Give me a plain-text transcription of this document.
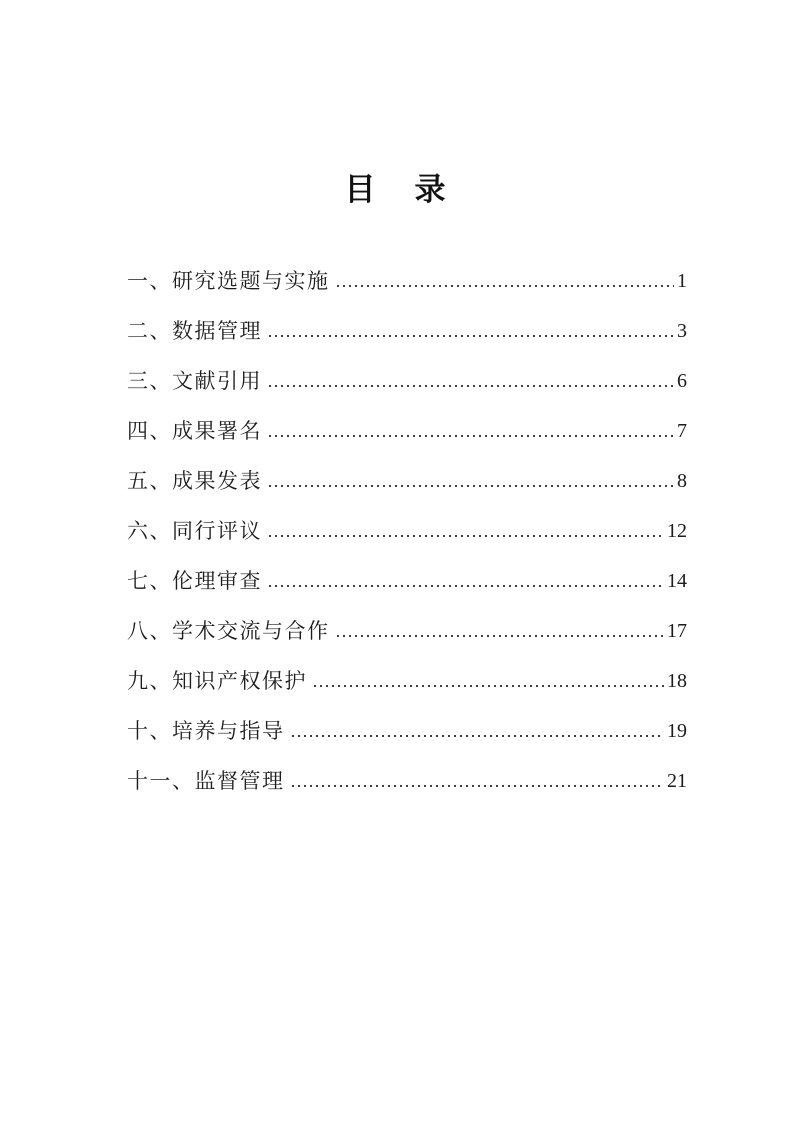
目　录
一、研究选题与实施	1
二、数据管理	3
三、文献引用	6
四、成果署名	7
五、成果发表	8
六、同行评议	12
七、伦理审查	14
八、学术交流与合作	17
九、知识产权保护	18
十、培养与指导	19
十一、监督管理	21
